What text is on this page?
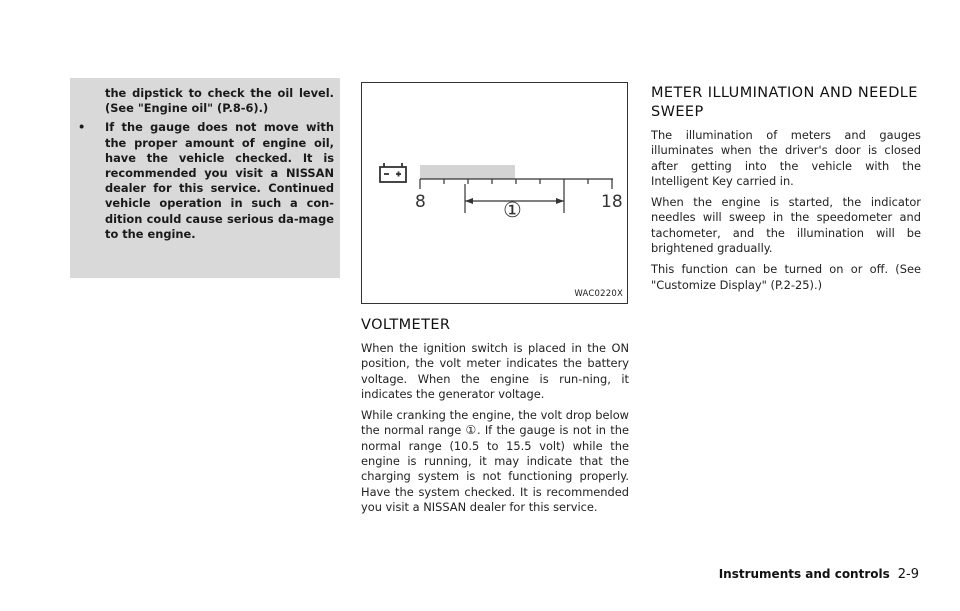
the dipstick to check the oil level. (See "Engine oil" (P.8-6).)
•	If the gauge does not move with the proper amount of engine oil, have the vehicle checked. It is recommended you visit a NISSAN dealer for this service. Continued vehicle operation in such a con-dition could cause serious da-mage to the engine.
8	18
①
WAC0220X
VOLTMETER

When the ignition switch is placed in the ON position, the volt meter indicates the battery voltage. When the engine is run-ning, it indicates the generator voltage.

While cranking the engine, the volt drop below the normal range ①. If the gauge is not in the normal range (10.5 to 15.5 volt) while the engine is running, it may indicate that the charging system is not functioning properly. Have the system checked. It is recommended you visit a NISSAN dealer for this service.

METER ILLUMINATION AND NEEDLE SWEEP

The illumination of meters and gauges illuminates when the driver's door is closed after getting into the vehicle with the Intelligent Key carried in.

When the engine is started, the indicator needles will sweep in the speedometer and tachometer, and the illumination will be brightened gradually.

This function can be turned on or off. (See "Customize Display" (P.2-25).)

Instruments and controls 2-9
